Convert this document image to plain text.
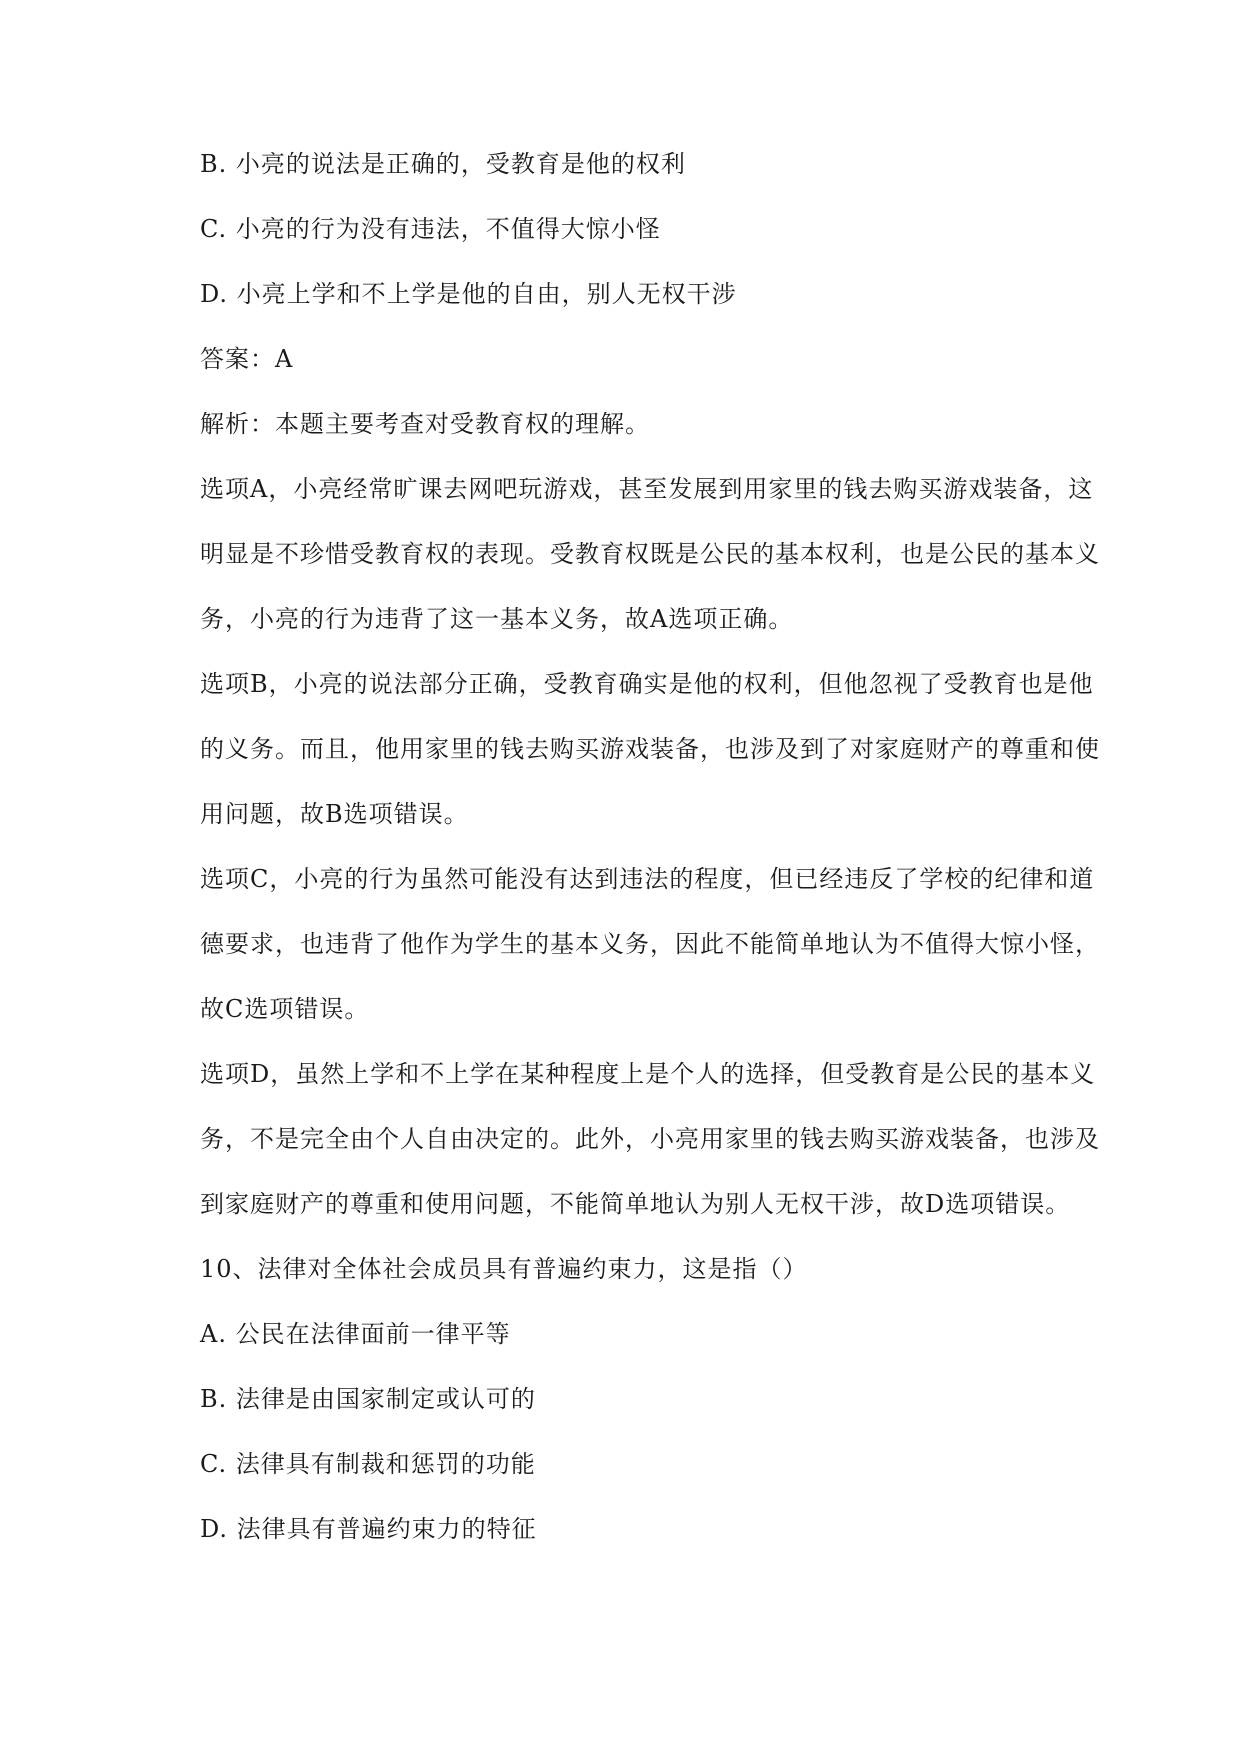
B. 小亮的说法是正确的，受教育是他的权利
C. 小亮的行为没有违法，不值得大惊小怪
D. 小亮上学和不上学是他的自由，别人无权干涉
答案：A
解析：本题主要考查对受教育权的理解。
选项A，小亮经常旷课去网吧玩游戏，甚至发展到用家里的钱去购买游戏装备，这
明显是不珍惜受教育权的表现。受教育权既是公民的基本权利，也是公民的基本义
务，小亮的行为违背了这一基本义务，故A选项正确。
选项B，小亮的说法部分正确，受教育确实是他的权利，但他忽视了受教育也是他
的义务。而且，他用家里的钱去购买游戏装备，也涉及到了对家庭财产的尊重和使
用问题，故B选项错误。
选项C，小亮的行为虽然可能没有达到违法的程度，但已经违反了学校的纪律和道
德要求，也违背了他作为学生的基本义务，因此不能简单地认为不值得大惊小怪，
故C选项错误。
选项D，虽然上学和不上学在某种程度上是个人的选择，但受教育是公民的基本义
务，不是完全由个人自由决定的。此外，小亮用家里的钱去购买游戏装备，也涉及
到家庭财产的尊重和使用问题，不能简单地认为别人无权干涉，故D选项错误。
10、法律对全体社会成员具有普遍约束力，这是指（）
A. 公民在法律面前一律平等
B. 法律是由国家制定或认可的
C. 法律具有制裁和惩罚的功能
D. 法律具有普遍约束力的特征
